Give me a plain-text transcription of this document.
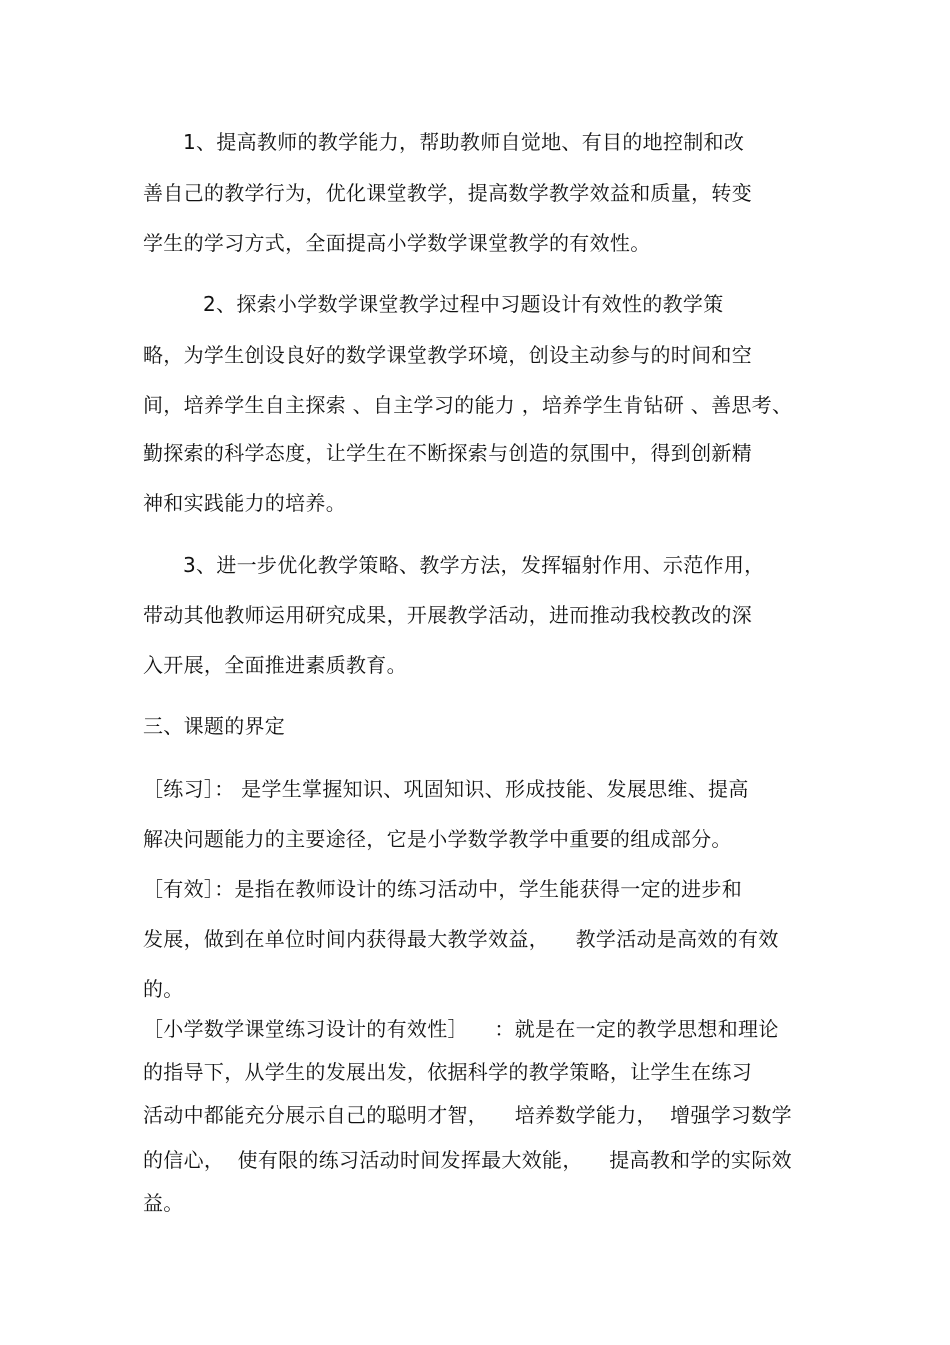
1、提高教师的教学能力，帮助教师自觉地、有目的地控制和改
善自己的教学行为，优化课堂教学，提高数学教学效益和质量，转变
学生的学习方式，全面提高小学数学课堂教学的有效性。
2、探索小学数学课堂教学过程中习题设计有效性的教学策
略，为学生创设良好的数学课堂教学环境，创设主动参与的时间和空
间，培养学生自主探索 、自主学习的能力 ，培养学生肯钻研 、善思考、
勤探索的科学态度，让学生在不断探索与创造的氛围中，得到创新精
神和实践能力的培养。
3、进一步优化教学策略、教学方法，发挥辐射作用、示范作用，
带动其他教师运用研究成果，开展教学活动，进而推动我校教改的深
入开展，全面推进素质教育。
三、课题的界定
［练习］： 是学生掌握知识、巩固知识、形成技能、发展思维、提高
解决问题能力的主要途径，它是小学数学教学中重要的组成部分。
［有效］：是指在教师设计的练习活动中，学生能获得一定的进步和
发展，做到在单位时间内获得最大教学效益，    教学活动是高效的有效
的。
［小学数学课堂练习设计的有效性］    ：就是在一定的教学思想和理论
的指导下，从学生的发展出发，依据科学的教学策略，让学生在练习
活动中都能充分展示自己的聪明才智，    培养数学能力，  增强学习数学
的信心，  使有限的练习活动时间发挥最大效能，    提高教和学的实际效
益。
